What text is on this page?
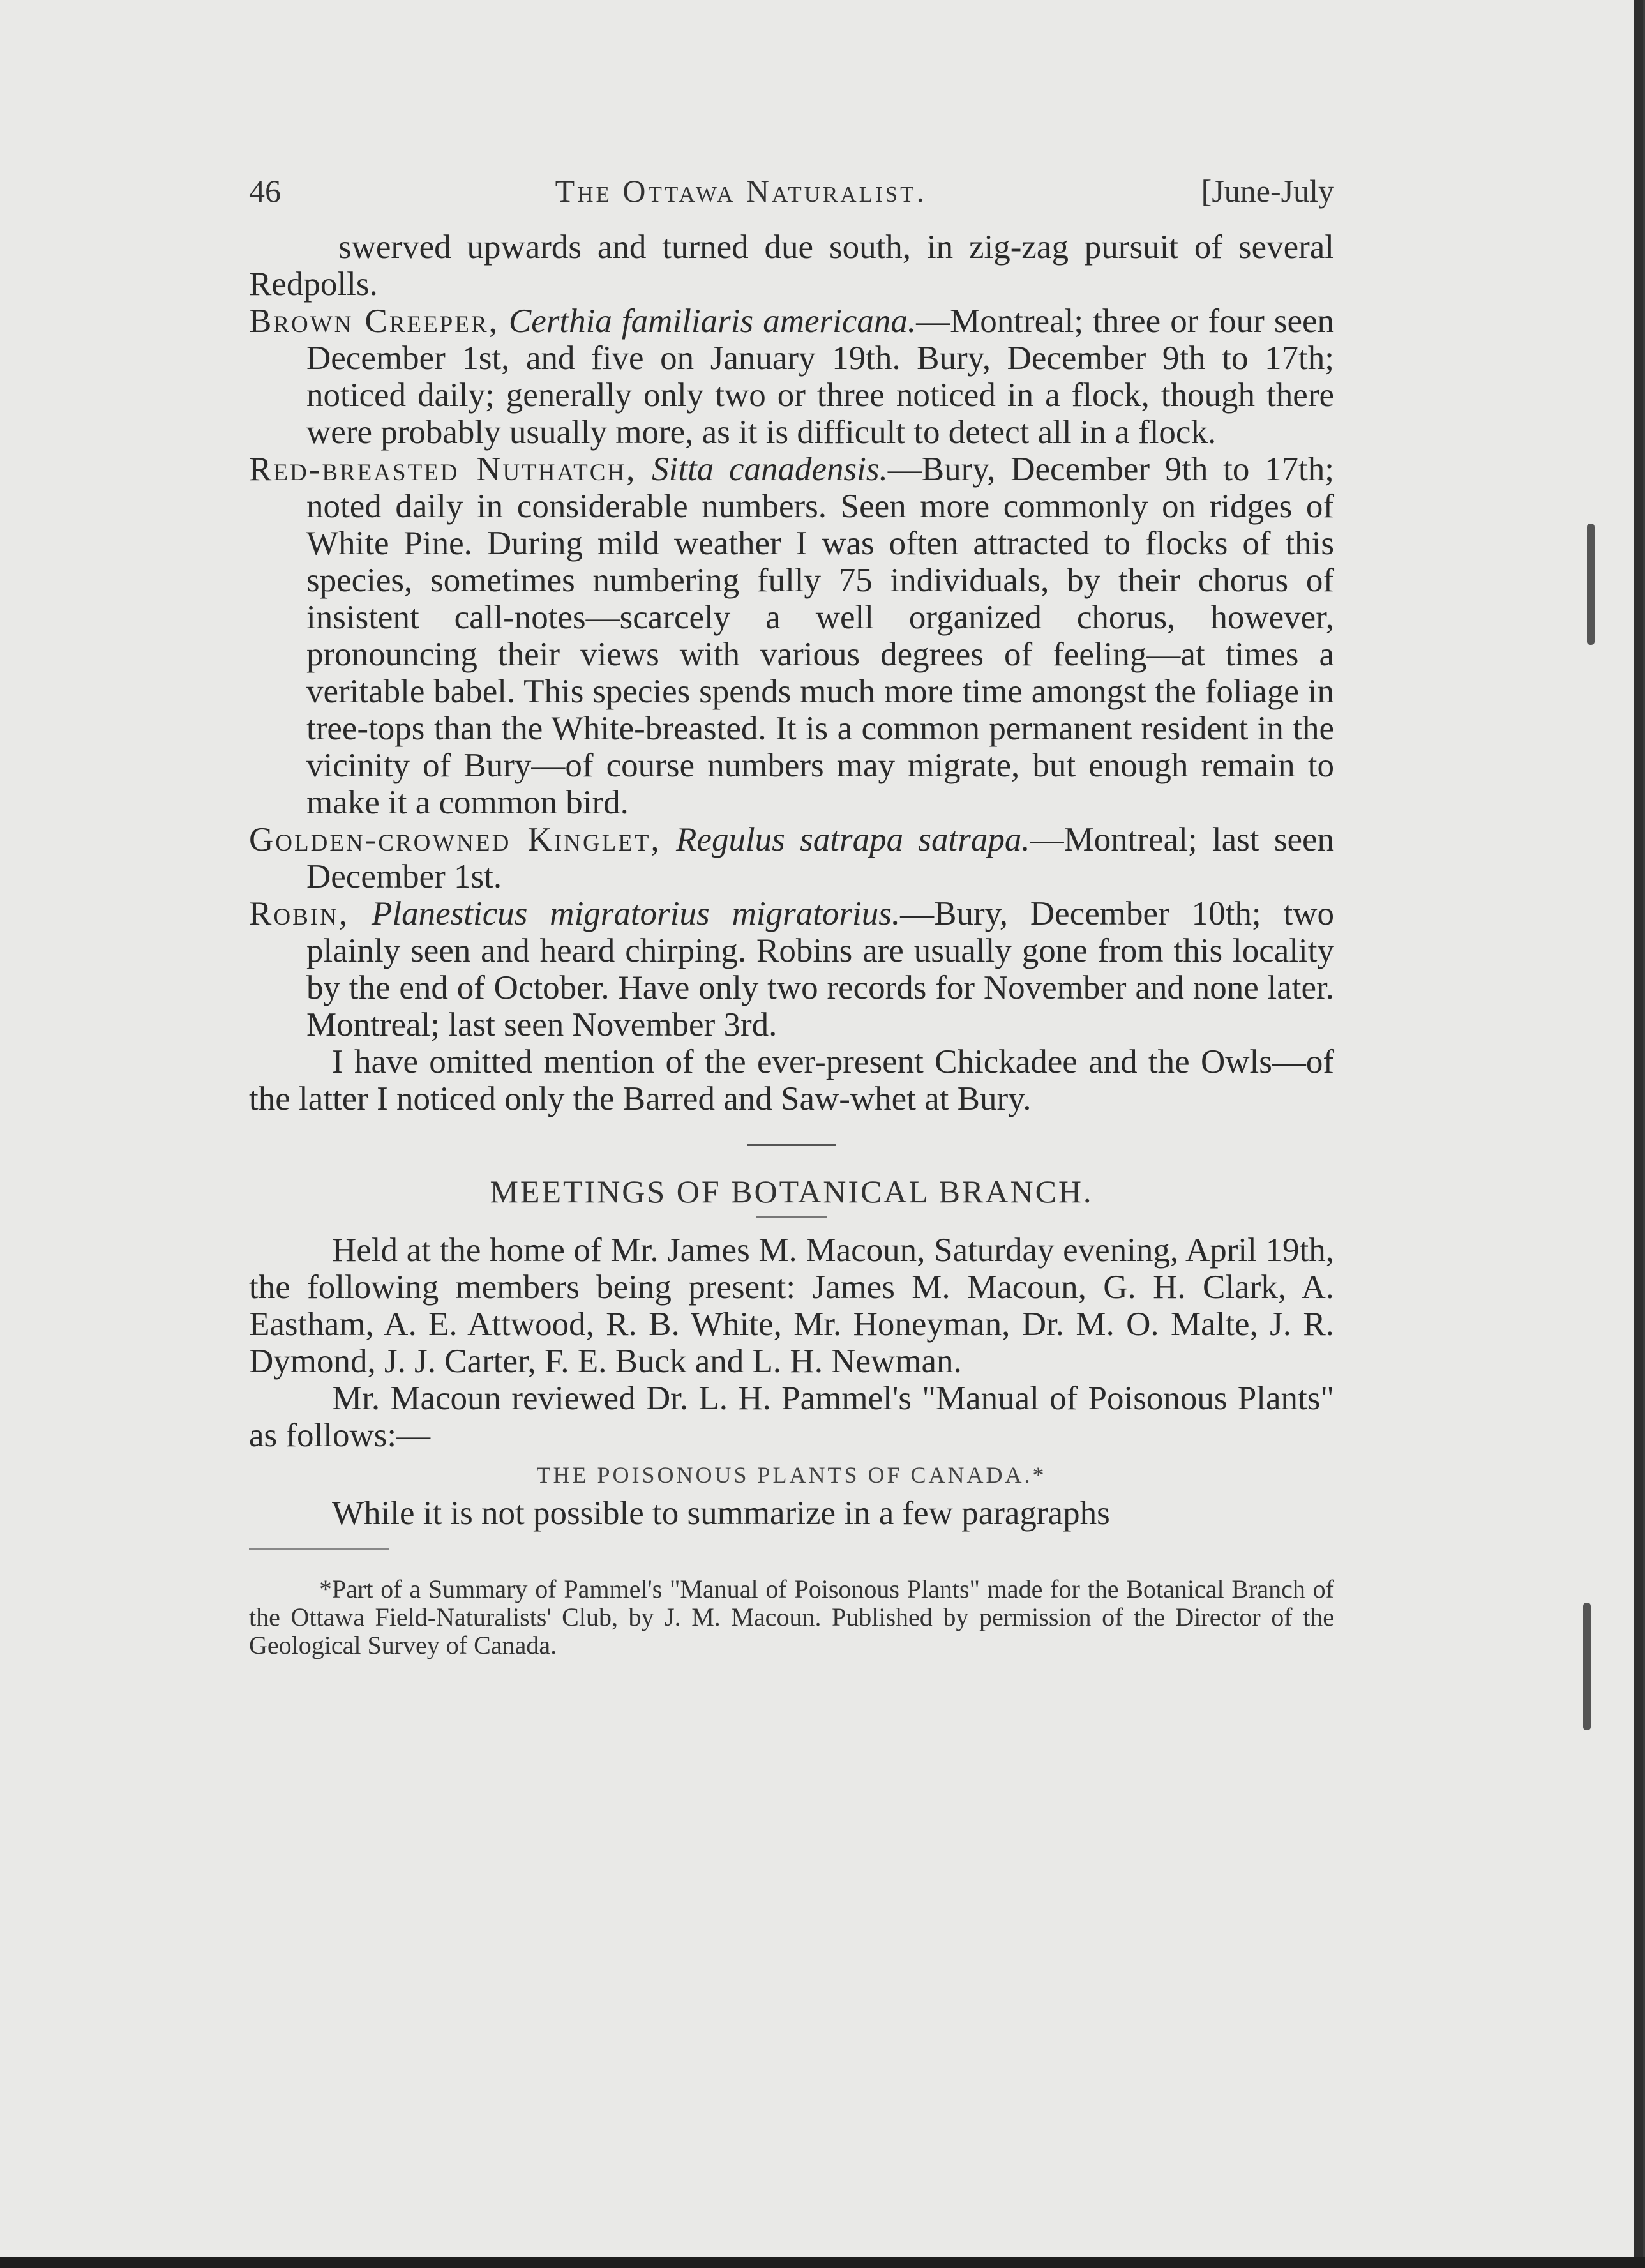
46	The Ottawa Naturalist.	[June-July

swerved upwards and turned due south, in zig-zag pursuit of several Redpolls.

Brown Creeper, Certhia familiaris americana.—Montreal; three or four seen December 1st, and five on January 19th. Bury, December 9th to 17th; noticed daily; generally only two or three noticed in a flock, though there were probably usually more, as it is difficult to detect all in a flock.

Red-breasted Nuthatch, Sitta canadensis.—Bury, December 9th to 17th; noted daily in considerable numbers. Seen more commonly on ridges of White Pine. During mild weather I was often attracted to flocks of this species, sometimes numbering fully 75 individuals, by their chorus of insistent call-notes—scarcely a well organized chorus, however, pronouncing their views with various degrees of feeling—at times a veritable babel. This species spends much more time amongst the foliage in tree-tops than the White-breasted. It is a common permanent resident in the vicinity of Bury—of course numbers may migrate, but enough remain to make it a common bird.

Golden-crowned Kinglet, Regulus satrapa satrapa.—Montreal; last seen December 1st.

Robin, Planesticus migratorius migratorius.—Bury, December 10th; two plainly seen and heard chirping. Robins are usually gone from this locality by the end of October. Have only two records for November and none later. Montreal; last seen November 3rd.

I have omitted mention of the ever-present Chickadee and the Owls—of the latter I noticed only the Barred and Saw-whet at Bury.

MEETINGS OF BOTANICAL BRANCH.

Held at the home of Mr. James M. Macoun, Saturday evening, April 19th, the following members being present: James M. Macoun, G. H. Clark, A. Eastham, A. E. Attwood, R. B. White, Mr. Honeyman, Dr. M. O. Malte, J. R. Dymond, J. J. Carter, F. E. Buck and L. H. Newman.

Mr. Macoun reviewed Dr. L. H. Pammel's "Manual of Poisonous Plants" as follows:—

THE POISONOUS PLANTS OF CANADA.*

While it is not possible to summarize in a few paragraphs

*Part of a Summary of Pammel's "Manual of Poisonous Plants" made for the Botanical Branch of the Ottawa Field-Naturalists' Club, by J. M. Macoun. Published by permission of the Director of the Geological Survey of Canada.
